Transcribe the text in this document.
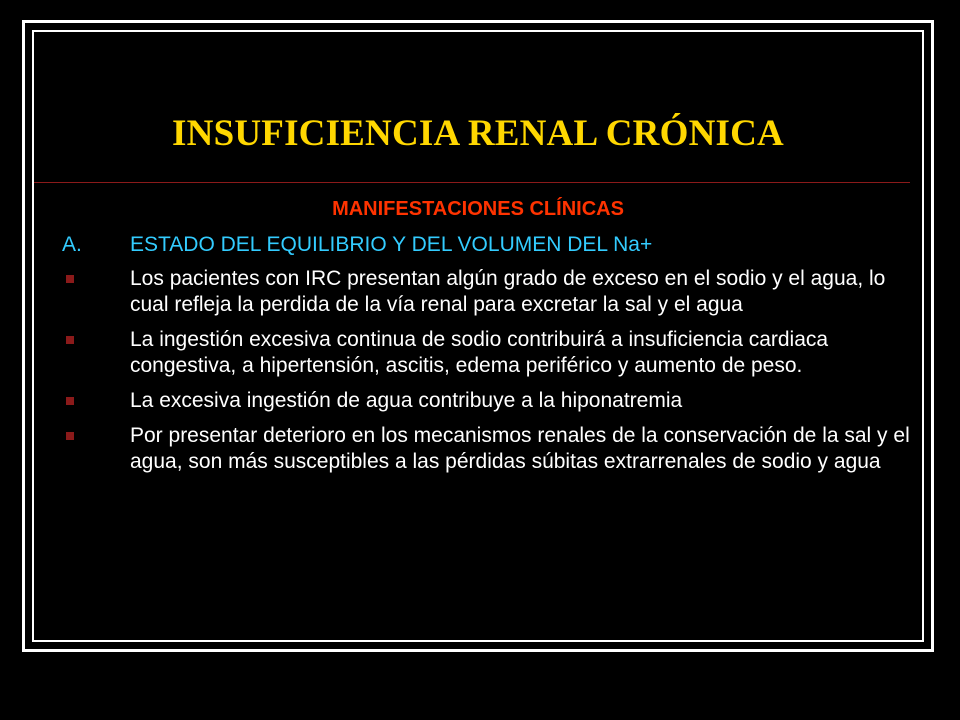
INSUFICIENCIA RENAL CRÓNICA
MANIFESTACIONES CLÍNICAS
A. ESTADO DEL EQUILIBRIO Y DEL VOLUMEN DEL Na+
Los pacientes con IRC presentan algún grado de exceso en el sodio y el agua, lo cual refleja la perdida de la vía renal para excretar la sal y el agua
La ingestión excesiva continua de sodio contribuirá a insuficiencia cardiaca congestiva, a hipertensión, ascitis, edema periférico y aumento de peso.
La excesiva ingestión de agua contribuye a la hiponatremia
Por presentar deterioro en los mecanismos renales de la conservación de la sal y el agua, son más susceptibles a las pérdidas súbitas extrarrenales de sodio y agua
